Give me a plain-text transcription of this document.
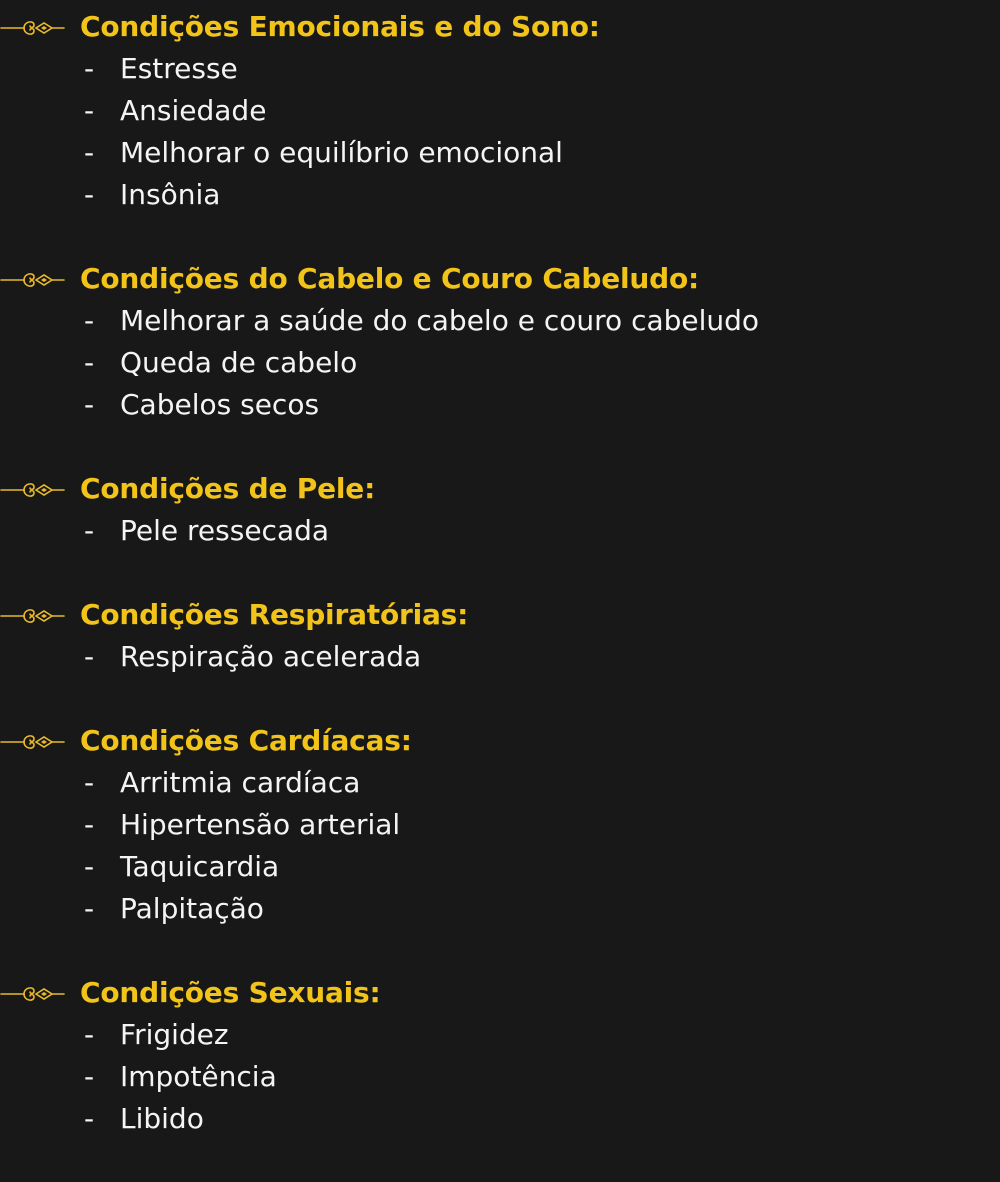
Condições Emocionais e do Sono:
- Estresse
- Ansiedade
- Melhorar o equilíbrio emocional
- Insônia
Condições do Cabelo e Couro Cabeludo:
- Melhorar a saúde do cabelo e couro cabeludo
- Queda de cabelo
- Cabelos secos
Condições de Pele:
- Pele ressecada
Condições Respiratórias:
- Respiração acelerada
Condições Cardíacas:
- Arritmia cardíaca
- Hipertensão arterial
- Taquicardia
- Palpitação
Condições Sexuais:
- Frigidez
- Impotência
- Libido
